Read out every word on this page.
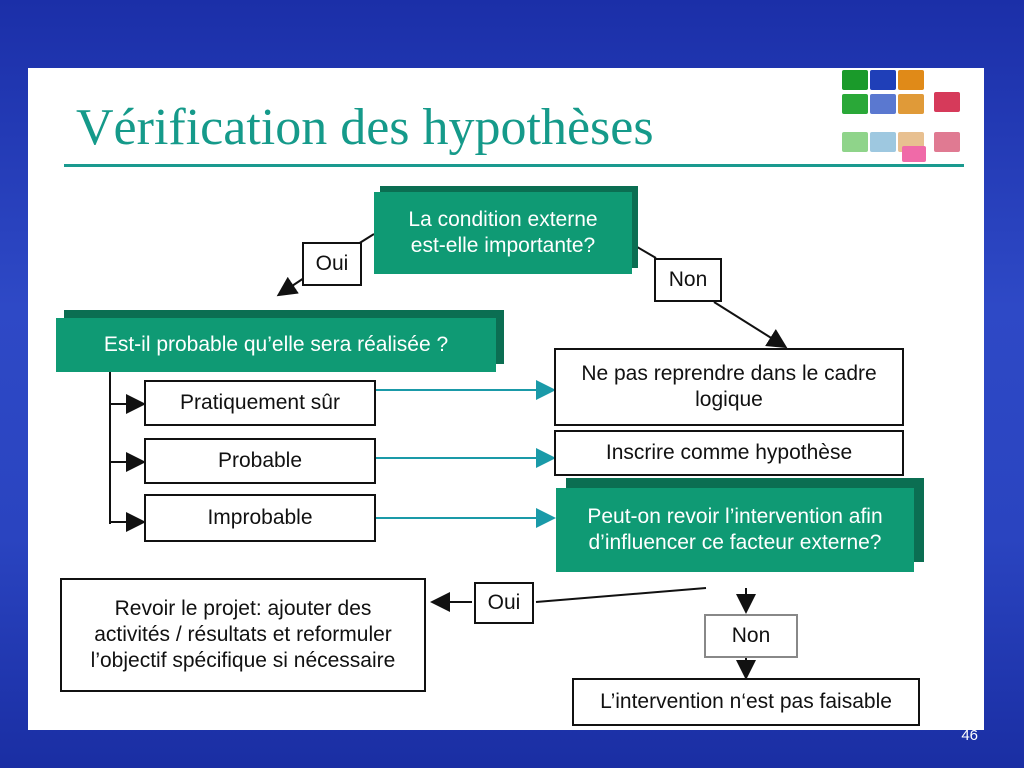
Vérification des hypothèses
La condition externe est-elle importante?
Oui
Non
Est-il probable qu’elle sera réalisée ?
Pratiquement sûr
Probable
Improbable
Ne pas reprendre dans le cadre logique
Inscrire comme hypothèse
Peut-on revoir l’intervention afin d’influencer ce facteur externe?
Oui
Non
Revoir le projet: ajouter des activités / résultats et reformuler l’objectif spécifique si nécessaire
L’intervention n‘est pas faisable
46
